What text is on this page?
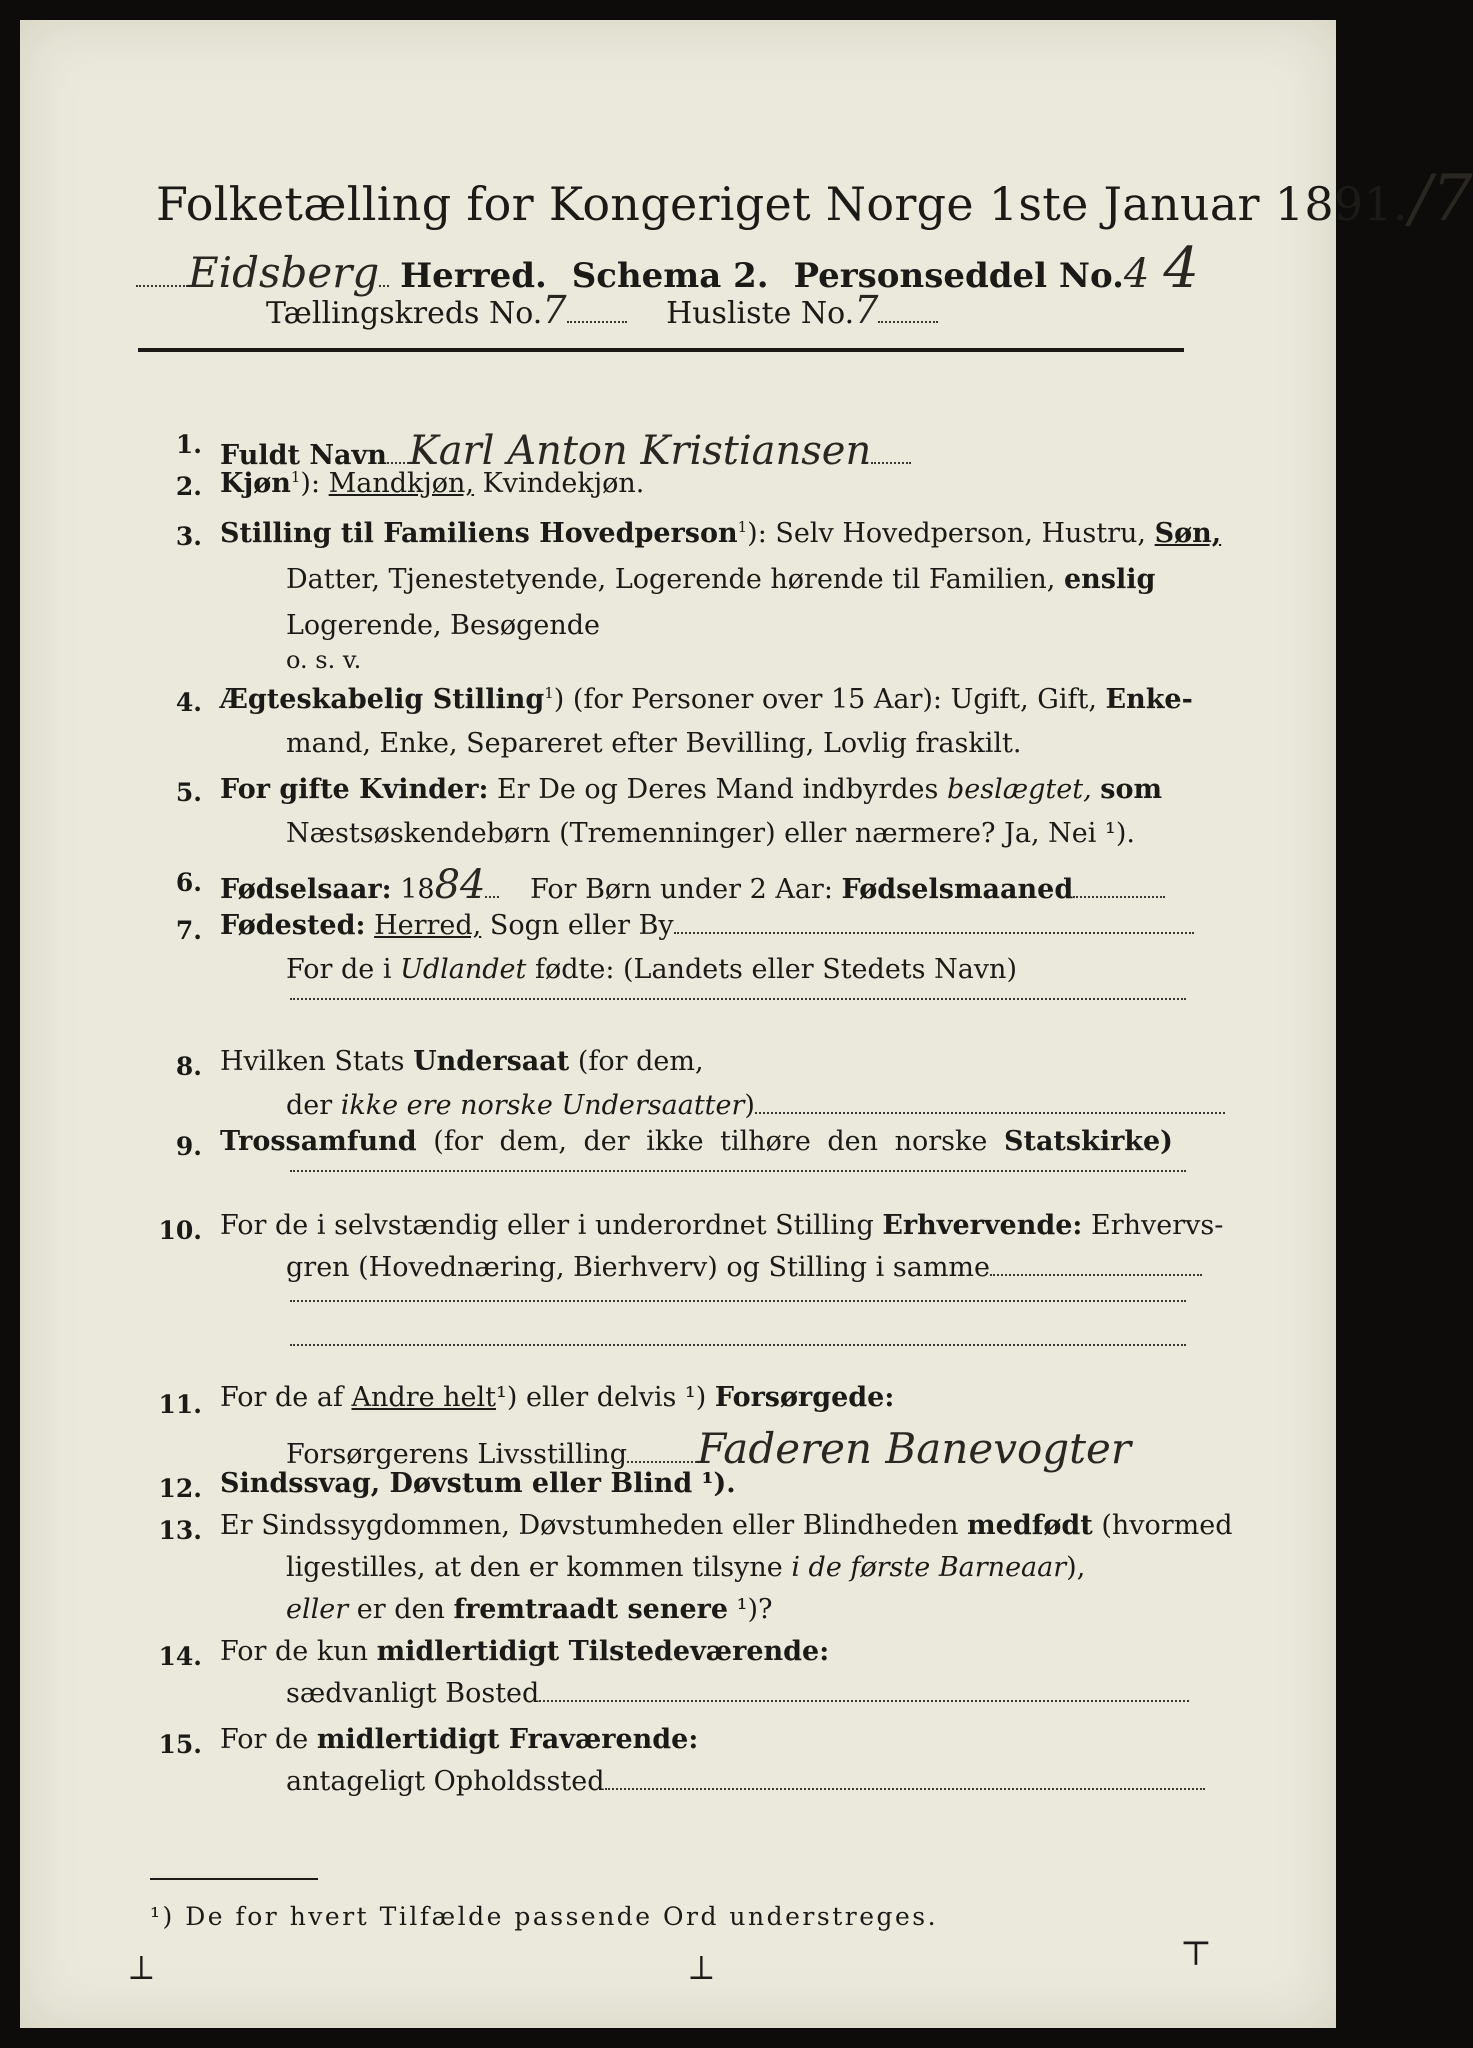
Folketælling for Kongeriget Norge 1ste Januar 1891./7
Eidsberg Herred. Schema 2. Personseddel No.4 4
Tællingskreds No.7	Husliste No.7
1. Fuldt Navn Karl Anton Kristiansen
2. Kjøn$^1$): Mandkjøn, Kvindekjøn.
3. Stilling til Familiens Hovedperson$^1$): Selv Hovedperson, Hustru, Søn,
Datter, Tjenestetyende, Logerende hørende til Familien, enslig
Logerende, Besøgende
o. s. v.
4. Ægteskabelig Stilling$^1$) (for Personer over 15 Aar): Ugift, Gift, Enke-
mand, Enke, Separeret efter Bevilling, Lovlig fraskilt.
5. For gifte Kvinder: Er De og Deres Mand indbyrdes beslægtet, som
Næstsøskendebørn (Tremenninger) eller nærmere? Ja, Nei ¹).
6. Fødselsaar: 1884 For Børn under 2 Aar: Fødselsmaaned
7. Fødested: Herred, Sogn eller By
For de i Udlandet fødte: (Landets eller Stedets Navn)
8. Hvilken Stats Undersaat (for dem,
der ikke ere norske Undersaatter)
9. Trossamfund (for dem, der ikke tilhøre den norske Statskirke)
10. For de i selvstændig eller i underordnet Stilling Erhvervende: Erhvervs-
gren (Hovednæring, Bierhverv) og Stilling i samme
11. For de af Andre helt¹) eller delvis ¹) Forsørgede:
Forsørgerens Livsstilling Faderen Banevogter
12. Sindssvag, Døvstum eller Blind ¹).
13. Er Sindssygdommen, Døvstumheden eller Blindheden medfødt (hvormed
ligestilles, at den er kommen tilsyne i de første Barneaar),
eller er den fremtraadt senere ¹)?
14. For de kun midlertidigt Tilstedeværende:
sædvanligt Bosted
15. For de midlertidigt Fraværende:
antageligt Opholdssted
¹) De for hvert Tilfælde passende Ord understreges.
⟂	⟂	⊤
